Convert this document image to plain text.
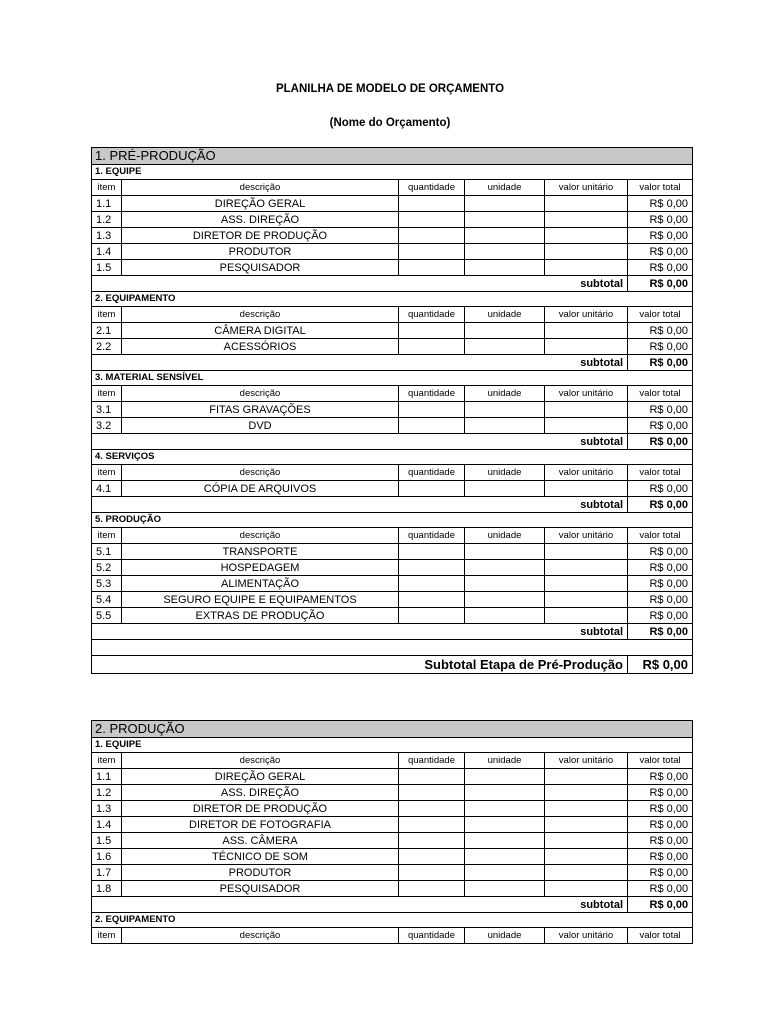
PLANILHA DE MODELO DE ORÇAMENTO
(Nome do Orçamento)
1. PRÉ-PRODUÇÃO					
1. EQUIPE					
item	descrição	quantidade	unidade	valor unitário	valor total
1.1	DIREÇÃO GERAL				R$ 0,00
1.2	ASS. DIREÇÃO				R$ 0,00
1.3	DIRETOR DE PRODUÇÃO				R$ 0,00
1.4	PRODUTOR				R$ 0,00
1.5	PESQUISADOR				R$ 0,00
subtotal					R$ 0,00
2. EQUIPAMENTO					
item	descrição	quantidade	unidade	valor unitário	valor total
2.1	CÂMERA DIGITAL				R$ 0,00
2.2	ACESSÓRIOS				R$ 0,00
subtotal					R$ 0,00
3. MATERIAL SENSÍVEL					
item	descrição	quantidade	unidade	valor unitário	valor total
3.1	FITAS GRAVAÇÕES				R$ 0,00
3.2	DVD				R$ 0,00
subtotal					R$ 0,00
4. SERVIÇOS					
item	descrição	quantidade	unidade	valor unitário	valor total
4.1	CÓPIA DE ARQUIVOS				R$ 0,00
subtotal					R$ 0,00
5. PRODUÇÃO					
item	descrição	quantidade	unidade	valor unitário	valor total
5.1	TRANSPORTE				R$ 0,00
5.2	HOSPEDAGEM				R$ 0,00
5.3	ALIMENTAÇÃO				R$ 0,00
5.4	SEGURO EQUIPE E EQUIPAMENTOS				R$ 0,00
5.5	EXTRAS DE PRODUÇÃO				R$ 0,00
subtotal					R$ 0,00

Subtotal Etapa de Pré-Produção					R$ 0,00
2. PRODUÇÃO					
1. EQUIPE					
item	descrição	quantidade	unidade	valor unitário	valor total
1.1	DIREÇÃO GERAL				R$ 0,00
1.2	ASS. DIREÇÃO				R$ 0,00
1.3	DIRETOR DE PRODUÇÃO				R$ 0,00
1.4	DIRETOR DE FOTOGRAFIA				R$ 0,00
1.5	ASS. CÂMERA				R$ 0,00
1.6	TÉCNICO DE SOM				R$ 0,00
1.7	PRODUTOR				R$ 0,00
1.8	PESQUISADOR				R$ 0,00
subtotal					R$ 0,00
2. EQUIPAMENTO					
item	descrição	quantidade	unidade	valor unitário	valor total
